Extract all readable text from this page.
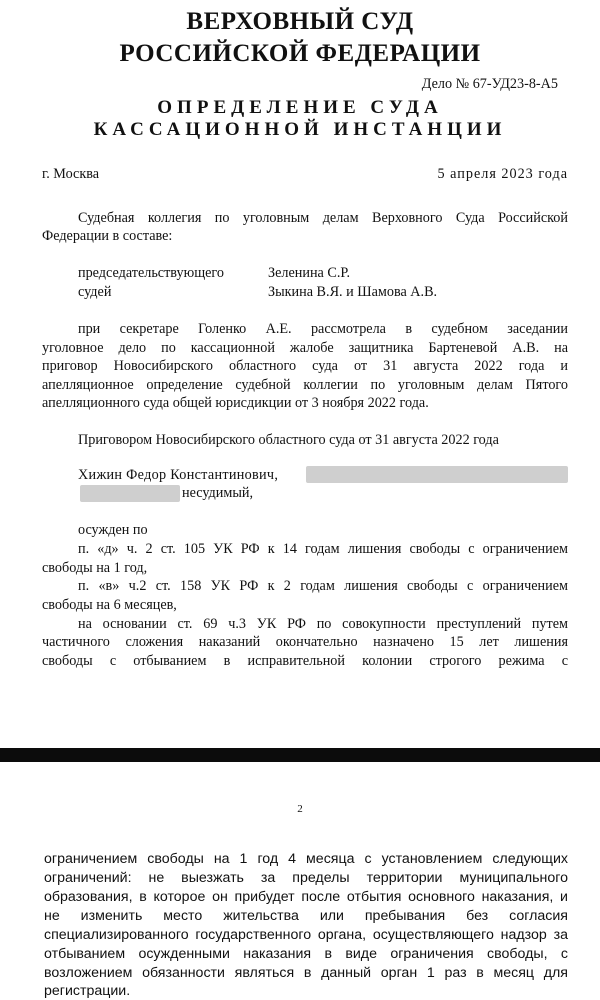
ВЕРХОВНЫЙ СУД
РОССИЙСКОЙ ФЕДЕРАЦИИ
Дело № 67-УД23-8-А5
ОПРЕДЕЛЕНИЕ СУДА
КАССАЦИОННОЙ ИНСТАНЦИИ
г. Москва	5 апреля 2023 года
Судебная коллегия по уголовным делам Верховного Суда Российской
Федерации в составе:
председательствующего	Зеленина С.Р.
судей	Зыкина В.Я. и Шамова А.В.
при секретаре Голенко А.Е. рассмотрела в судебном заседании
уголовное дело по кассационной жалобе защитника Бартеневой А.В. на
приговор Новосибирского областного суда от 31 августа 2022 года и
апелляционное определение судебной коллегии по уголовным делам Пятого
апелляционного суда общей юрисдикции от 3 ноября 2022 года.
Приговором Новосибирского областного суда от 31 августа 2022 года
Хижин Федор Константинович,
несудимый,
осужден по
п. «д» ч. 2 ст. 105 УК РФ к 14 годам лишения свободы с ограничением
свободы на 1 год,
п. «в» ч.2 ст. 158 УК РФ к 2 годам лишения свободы с ограничением
свободы на 6 месяцев,
на основании ст. 69 ч.3 УК РФ по совокупности преступлений путем
частичного сложения наказаний окончательно назначено 15 лет лишения
свободы с отбыванием в исправительной колонии строгого режима с
2
ограничением свободы на 1 год 4 месяца с установлением следующих
ограничений: не выезжать за пределы территории муниципального
образования, в которое он прибудет после отбытия основного наказания, и
не изменить место жительства или пребывания без согласия
специализированного государственного органа, осуществляющего надзор за
отбыванием осужденными наказания в виде ограничения свободы, с
возложением обязанности являться в данный орган 1 раз в месяц для
регистрации.
